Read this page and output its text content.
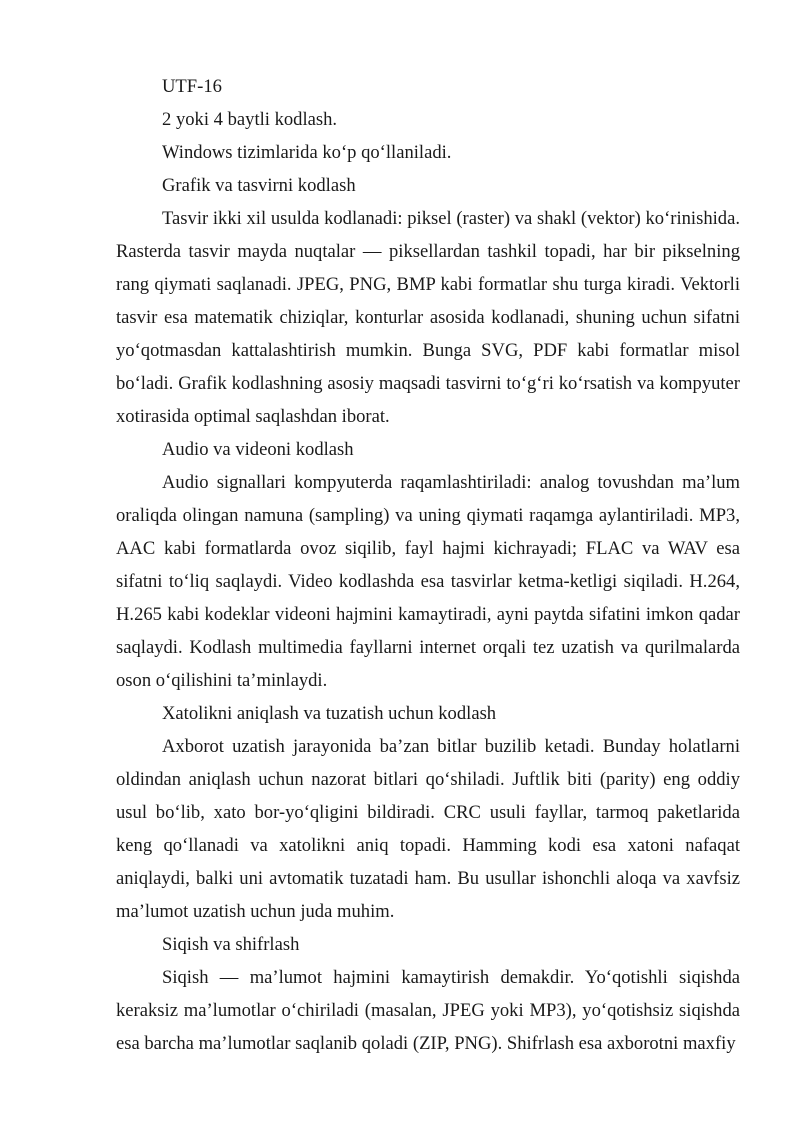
UTF-16

2 yoki 4 baytli kodlash.

Windows tizimlarida ko‘p qo‘llaniladi.

Grafik va tasvirni kodlash

Tasvir ikki xil usulda kodlanadi: piksel (raster) va shakl (vektor) ko‘rinishida. Rasterda tasvir mayda nuqtalar — piksellardan tashkil topadi, har bir pikselning rang qiymati saqlanadi. JPEG, PNG, BMP kabi formatlar shu turga kiradi. Vektorli tasvir esa matematik chiziqlar, konturlar asosida kodlanadi, shuning uchun sifatni yo‘qotmasdan kattalashtirish mumkin. Bunga SVG, PDF kabi formatlar misol bo‘ladi. Grafik kodlashning asosiy maqsadi tasvirni to‘g‘ri ko‘rsatish va kompyuter xotirasida optimal saqlashdan iborat.

Audio va videoni kodlash

Audio signallari kompyuterda raqamlashtiriladi: analog tovushdan ma’lum oraliqda olingan namuna (sampling) va uning qiymati raqamga aylantiriladi. MP3, AAC kabi formatlarda ovoz siqilib, fayl hajmi kichrayadi; FLAC va WAV esa sifatni to‘liq saqlaydi. Video kodlashda esa tasvirlar ketma-ketligi siqiladi. H.264, H.265 kabi kodeklar videoni hajmini kamaytiradi, ayni paytda sifatini imkon qadar saqlaydi. Kodlash multimedia fayllarni internet orqali tez uzatish va qurilmalarda oson o‘qilishini ta’minlaydi.

Xatolikni aniqlash va tuzatish uchun kodlash

Axborot uzatish jarayonida ba’zan bitlar buzilib ketadi. Bunday holatlarni oldindan aniqlash uchun nazorat bitlari qo‘shiladi. Juftlik biti (parity) eng oddiy usul bo‘lib, xato bor-yo‘qligini bildiradi. CRC usuli fayllar, tarmoq paketlarida keng qo‘llanadi va xatolikni aniq topadi. Hamming kodi esa xatoni nafaqat aniqlaydi, balki uni avtomatik tuzatadi ham. Bu usullar ishonchli aloqa va xavfsiz ma’lumot uzatish uchun juda muhim.

Siqish va shifrlash

Siqish — ma’lumot hajmini kamaytirish demakdir. Yo‘qotishli siqishda keraksiz ma’lumotlar o‘chiriladi (masalan, JPEG yoki MP3), yo‘qotishsiz siqishda esa barcha ma’lumotlar saqlanib qoladi (ZIP, PNG). Shifrlash esa axborotni maxfiy
